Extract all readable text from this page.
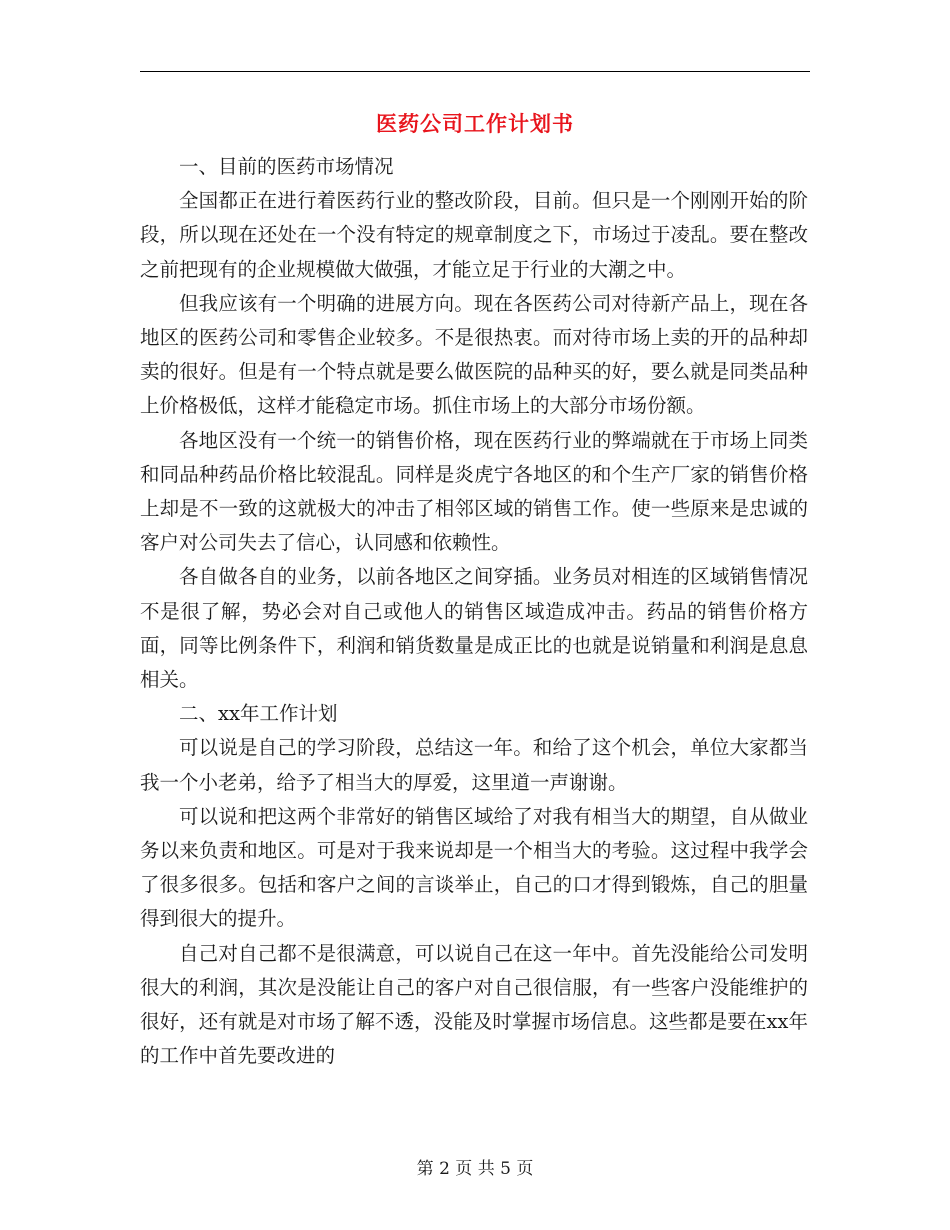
医药公司工作计划书

一、目前的医药市场情况

全国都正在进行着医药行业的整改阶段，目前。但只是一个刚刚开始的阶段，所以现在还处在一个没有特定的规章制度之下，市场过于凌乱。要在整改之前把现有的企业规模做大做强，才能立足于行业的大潮之中。

但我应该有一个明确的进展方向。现在各医药公司对待新产品上，现在各地区的医药公司和零售企业较多。不是很热衷。而对待市场上卖的开的品种却卖的很好。但是有一个特点就是要么做医院的品种买的好，要么就是同类品种上价格极低，这样才能稳定市场。抓住市场上的大部分市场份额。

各地区没有一个统一的销售价格，现在医药行业的弊端就在于市场上同类和同品种药品价格比较混乱。同样是炎虎宁各地区的和个生产厂家的销售价格上却是不一致的这就极大的冲击了相邻区域的销售工作。使一些原来是忠诚的客户对公司失去了信心，认同感和依赖性。

各自做各自的业务，以前各地区之间穿插。业务员对相连的区域销售情况不是很了解，势必会对自己或他人的销售区域造成冲击。药品的销售价格方面，同等比例条件下，利润和销货数量是成正比的也就是说销量和利润是息息相关。

二、xx年工作计划

可以说是自己的学习阶段，总结这一年。和给了这个机会，单位大家都当我一个小老弟，给予了相当大的厚爱，这里道一声谢谢。

可以说和把这两个非常好的销售区域给了对我有相当大的期望，自从做业务以来负责和地区。可是对于我来说却是一个相当大的考验。这过程中我学会了很多很多。包括和客户之间的言谈举止，自己的口才得到锻炼，自己的胆量得到很大的提升。

自己对自己都不是很满意，可以说自己在这一年中。首先没能给公司发明很大的利润，其次是没能让自己的客户对自己很信服，有一些客户没能维护的很好，还有就是对市场了解不透，没能及时掌握市场信息。这些都是要在xx年的工作中首先要改进的

第 2 页 共 5 页
